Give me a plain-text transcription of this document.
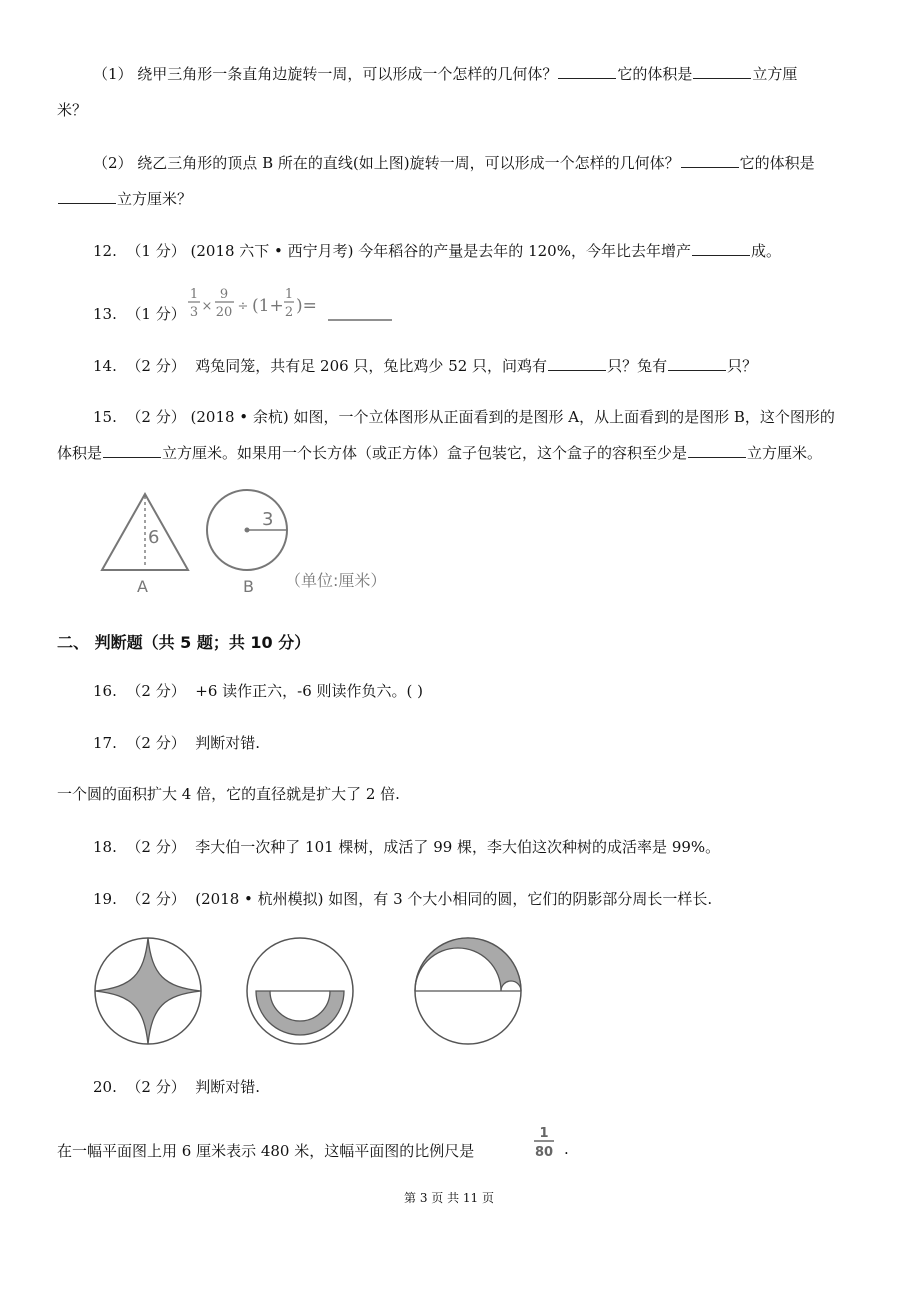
（1） 绕甲三角形一条直角边旋转一周，可以形成一个怎样的几何体？	它的体积是	立方厘
米？
（2） 绕乙三角形的顶点 B 所在的直线(如上图)旋转一周，可以形成一个怎样的几何体？	它的体积是
立方厘米？
12. （1 分） (2018 六下 • 西宁月考) 今年稻谷的产量是去年的 120%，今年比去年增产	成。
13. （1 分）
1
3 ×
9
20 ÷ (1+
1
2 )=
14. （2 分） 鸡兔同笼，共有足 206 只，兔比鸡少 52 只，问鸡有	只？兔有	只？
15. （2 分） (2018 • 余杭) 如图，一个立体图形从正面看到的是图形 A，从上面看到的是图形 B，这个图形的
体积是	立方厘米。如果用一个长方体（或正方体）盒子包装它，这个盒子的容积至少是	立方厘米。
6
3
A	B （单位:厘米）
二、 判断题（共 5 题；共 10 分）
16. （2 分） +6 读作正六，-6 则读作负六。( )
17. （2 分） 判断对错.
一个圆的面积扩大 4 倍，它的直径就是扩大了 2 倍.
18. （2 分） 李大伯一次种了 101 棵树，成活了 99 棵，李大伯这次种树的成活率是 99%。
19. （2 分） (2018 • 杭州模拟) 如图，有 3 个大小相同的圆，它们的阴影部分周长一样长.
20. （2 分） 判断对错.
在一幅平面图上用 6 厘米表示 480 米，这幅平面图的比例尺是
1
80 .
第 3 页 共 11 页
